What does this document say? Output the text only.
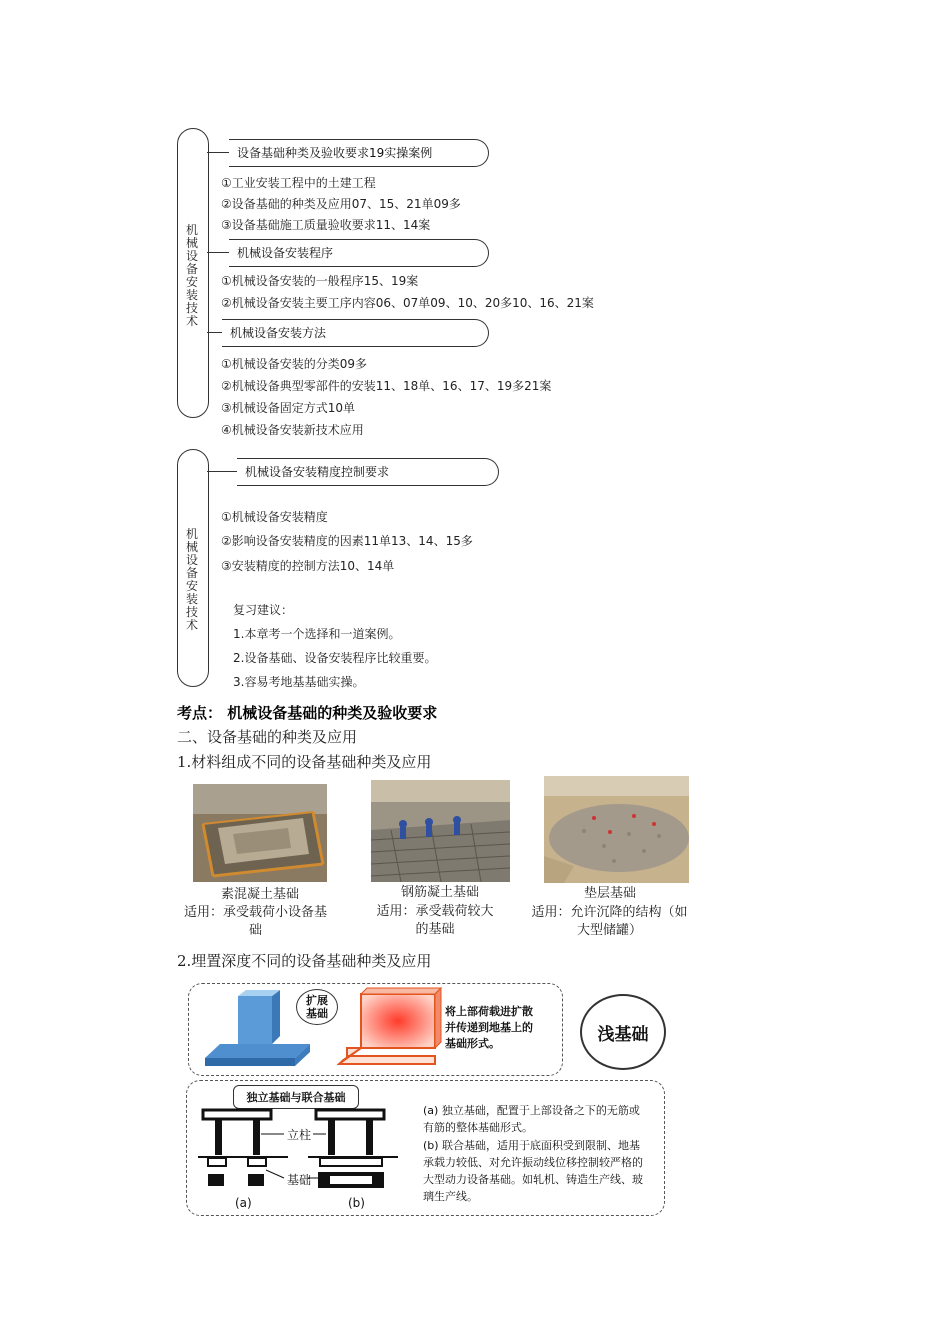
机械设备安装技术
设备基础种类及验收要求19实操案例
①工业安装工程中的土建工程
②设备基础的种类及应用07、15、21单09多
③设备基础施工质量验收要求11、14案
机械设备安装程序
①机械设备安装的一般程序15、19案
②机械设备安装主要工序内容06、07单09、10、20多10、16、21案
机械设备安装方法
①机械设备安装的分类09多
②机械设备典型零部件的安装11、18单、16、17、19多21案
③机械设备固定方式10单
④机械设备安装新技术应用
机械设备安装技术
机械设备安装精度控制要求
①机械设备安装精度
②影响设备安装精度的因素11单13、14、15多
③安装精度的控制方法10、14单
复习建议：
1.本章考一个选择和一道案例。
2.设备基础、设备安装程序比较重要。
3.容易考地基基础实操。
考点： 机械设备基础的种类及验收要求
二、设备基础的种类及应用
1.材料组成不同的设备基础种类及应用
素混凝土基础
适用：承受载荷小设备基础
钢筋凝土基础
适用：承受载荷较大的基础
垫层基础
适用：允许沉降的结构（如大型储罐）
2.埋置深度不同的设备基础种类及应用
扩展基础	将上部荷载进扩散并传递到地基上的基础形式。	浅基础
独立基础与联合基础
立柱
基础
(a)	(b)
(a) 独立基础，配置于上部设备之下的无筋或有筋的整体基础形式。
(b) 联合基础，适用于底面积受到限制、地基承载力较低、对允许振动线位移控制较严格的大型动力设备基础。如轧机、铸造生产线、玻璃生产线。
